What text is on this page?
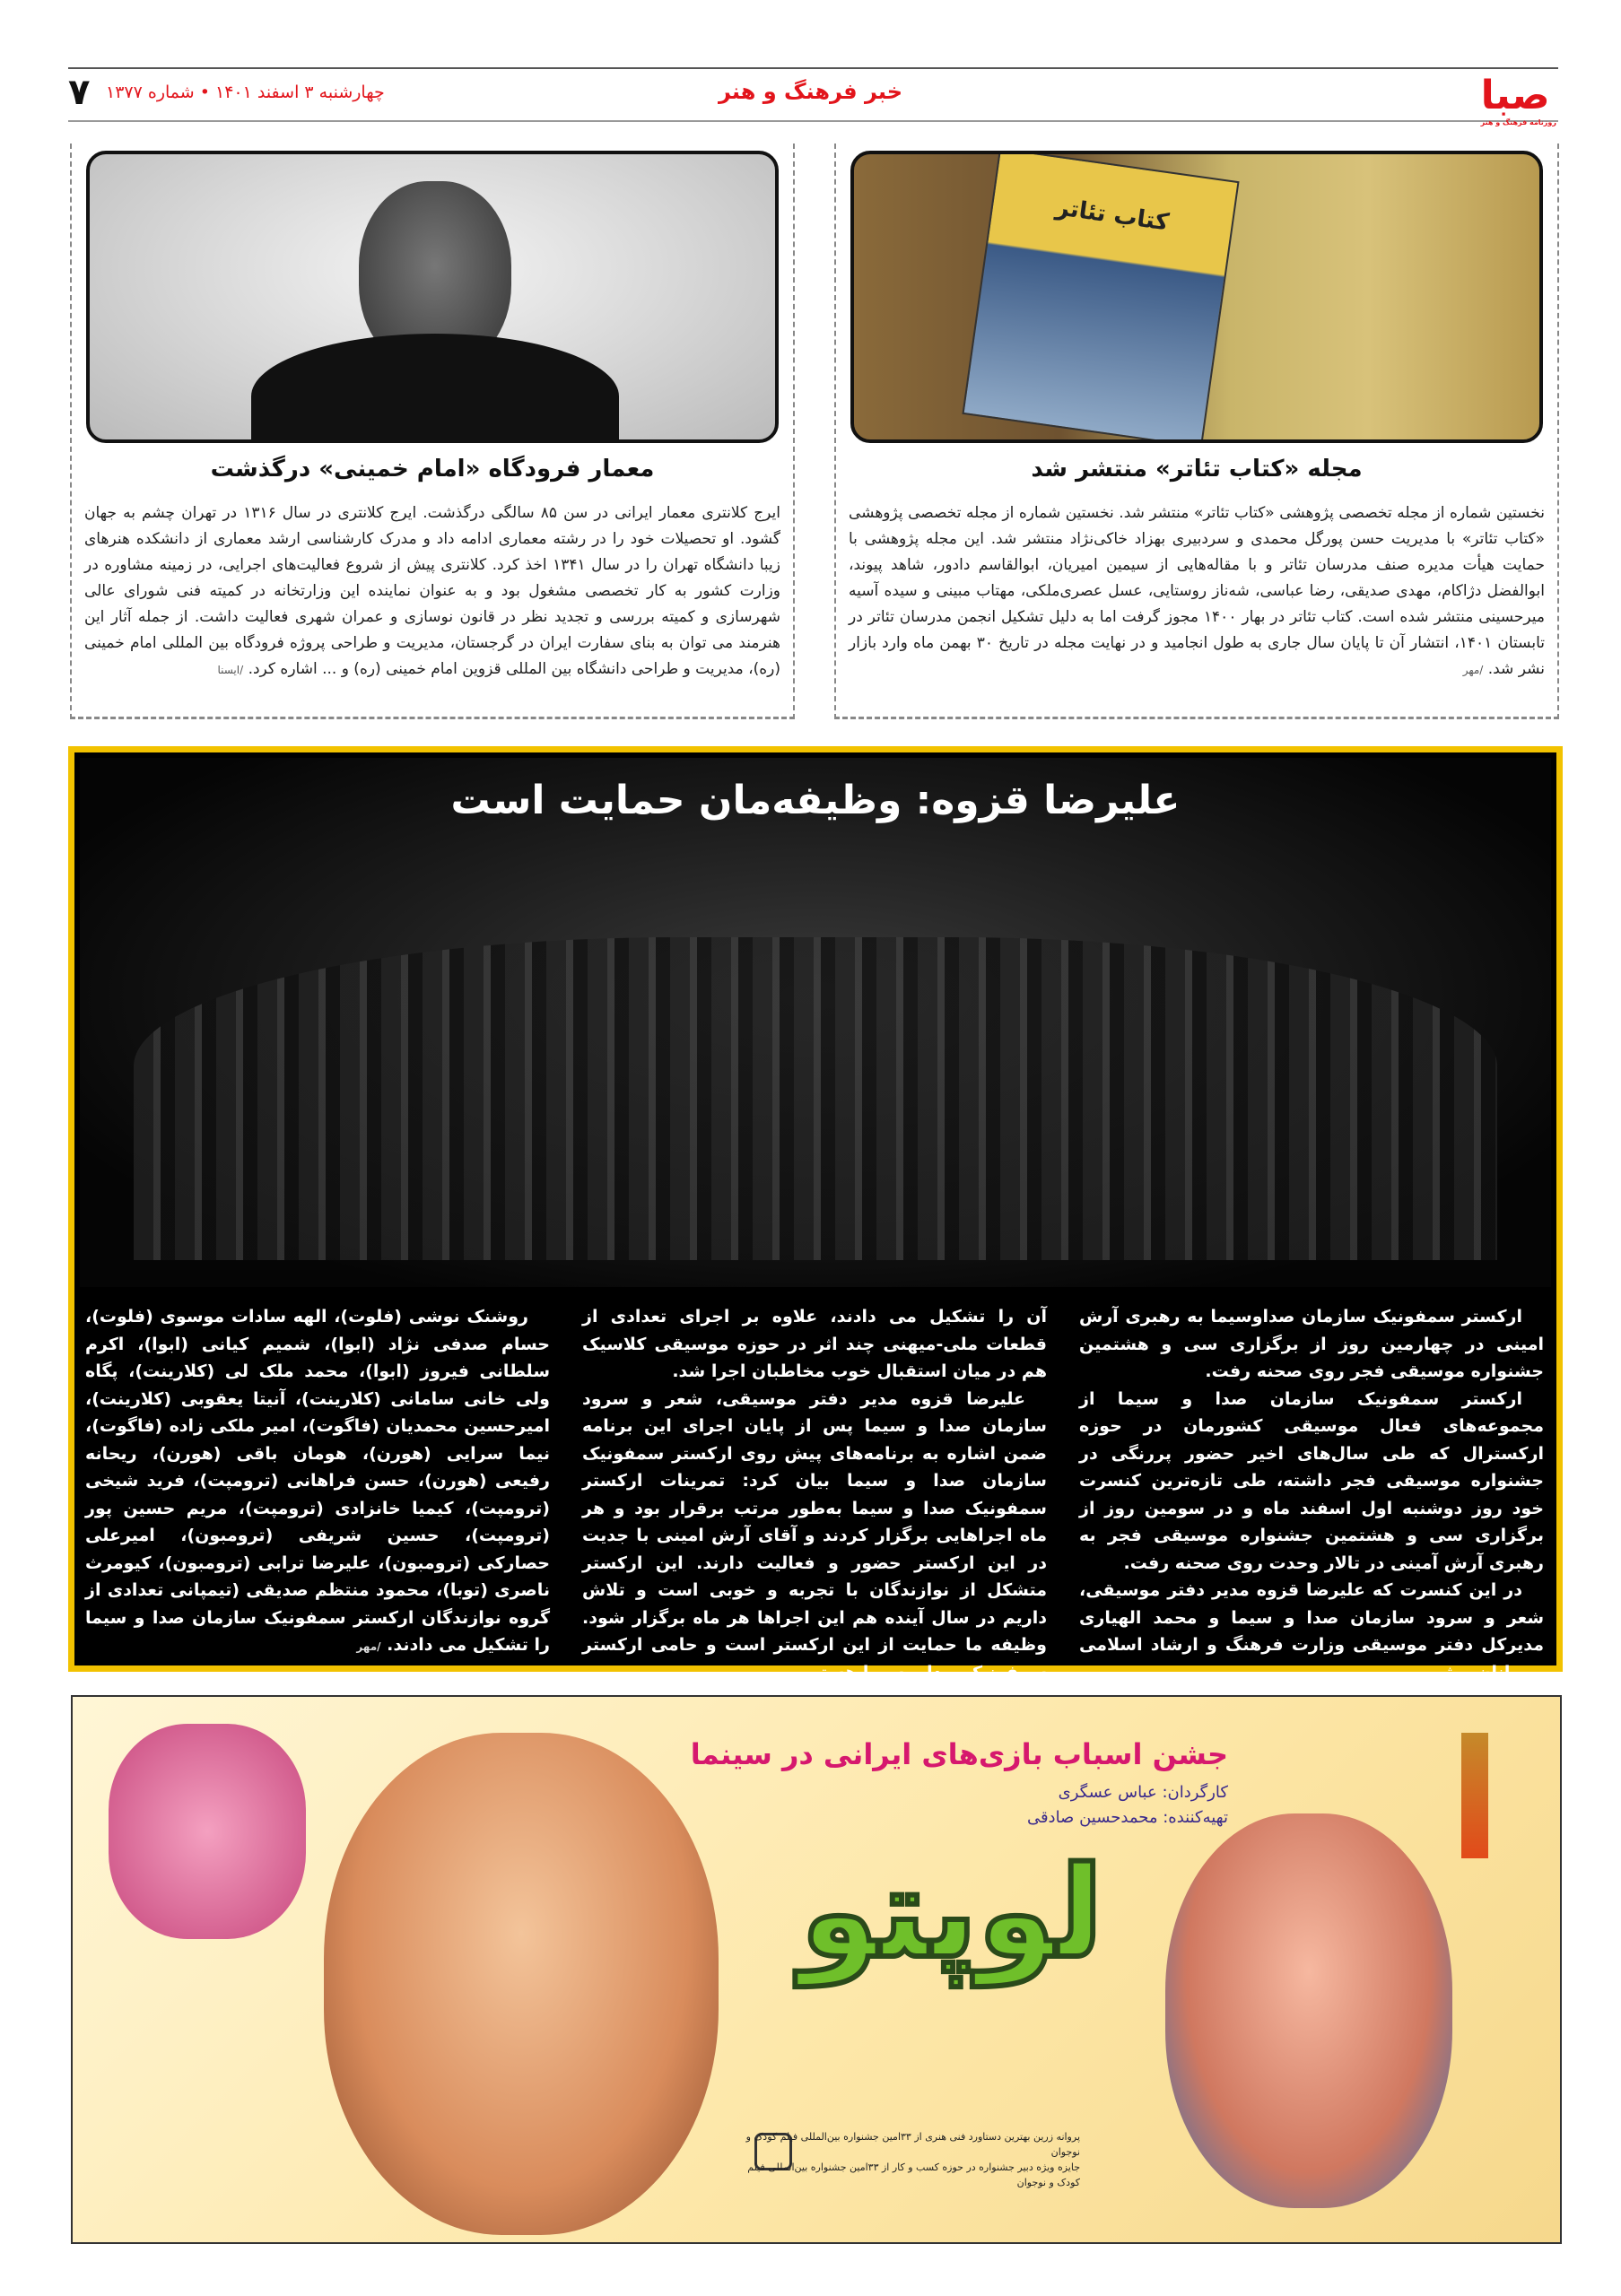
صبا
روزنامه فرهنگ و هنر
خبر فرهنگ و هنر
۷ چهارشنبه ۳ اسفند ۱۴۰۱ • شماره ۱۳۷۷
کتاب تئاتر
مجله «کتاب تئاتر» منتشر شد

نخستین شماره از مجله تخصصی پژوهشی «کتاب تئاتر» منتشر شد. نخستین شماره از مجله تخصصی پژوهشی «کتاب تئاتر» با مدیریت حسن پورگل محمدی و سردبیری بهزاد خاکی‌نژاد منتشر شد. این مجله پژوهشی با حمایت هیأت مدیره صنف مدرسان تئاتر و با مقاله‌هایی از سیمین امیریان، ابوالقاسم دادور، شاهد پیوند، ابوالفضل دژاکام، مهدی صدیقی، رضا عباسی، شه‌ناز روستایی، عسل عصری‌ملکی، مهتاب مبینی و سیده آسیه میرحسینی منتشر شده است. کتاب تئاتر در بهار ۱۴۰۰ مجوز گرفت اما به دلیل تشکیل انجمن مدرسان تئاتر در تابستان ۱۴۰۱، انتشار آن تا پایان سال جاری به طول انجامید و در نهایت مجله در تاریخ ۳۰ بهمن ماه وارد بازار نشر شد. /مهر

معمار فرودگاه «امام خمینی» درگذشت

ایرج کلانتری معمار ایرانی در سن ۸۵ سالگی درگذشت. ایرج کلانتری در سال ۱۳۱۶ در تهران چشم به جهان گشود. او تحصیلات خود را در رشته معماری ادامه داد و مدرک کارشناسی ارشد معماری از دانشکده هنرهای زیبا دانشگاه تهران را در سال ۱۳۴۱ اخذ کرد. کلانتری پیش از شروع فعالیت‌های اجرایی، در زمینه مشاوره در وزارت کشور به کار تخصصی مشغول بود و به عنوان نماینده این وزارتخانه در کمیته فنی شورای عالی شهرسازی و کمیته بررسی و تجدید نظر در قانون نوسازی و عمران شهری فعالیت داشت. از جمله آثار این هنرمند می توان به بنای سفارت ایران در گرجستان، مدیریت و طراحی پروژه فرودگاه بین المللی امام خمینی (ره)، مدیریت و طراحی دانشگاه بین المللی قزوین امام خمینی (ره) و ... اشاره کرد. /ایسنا

علیرضا قزوه: وظیفه‌مان حمایت است

ارکستر سمفونیک سازمان صداوسیما به رهبری آرش امینی در چهارمین روز از برگزاری سی و هشتمین جشنواره موسیقی فجر روی صحنه رفت.

ارکستر سمفونیک سازمان صدا و سیما از مجموعه‌های فعال موسیقی کشورمان در حوزه ارکسترال که طی سال‌های اخیر حضور پررنگی در جشنواره موسیقی فجر داشته، طی تازه‌ترین کنسرت خود روز دوشنبه اول اسفند ماه و در سومین روز از برگزاری سی و هشتمین جشنواره موسیقی فجر به رهبری آرش آمینی در تالار وحدت روی صحنه رفت.

در این کنسرت که علیرضا قزوه مدیر دفتر موسیقی، شعر و سرود سازمان صدا و سیما و محمد الهیاری مدیرکل دفتر موسیقی وزارت فرهنگ و ارشاد اسلامی مهمانان ویژه

آن را تشکیل می دادند، علاوه بر اجرای تعدادی از قطعات ملی-میهنی چند اثر در حوزه موسیقی کلاسیک هم در میان استقبال خوب مخاطبان اجرا شد.

علیرضا قزوه مدیر دفتر موسیقی، شعر و سرود سازمان صدا و سیما پس از پایان اجرای این برنامه ضمن اشاره به برنامه‌های پیش روی ارکستر سمفونیک سازمان صدا و سیما بیان کرد: تمرینات ارکستر سمفونیک صدا و سیما به‌طور مرتب برقرار بود و هر ماه اجراهایی برگزار کردند و آقای آرش امینی با جدیت در این ارکستر حضور و فعالیت دارند. این ارکستر متشکل از نوازندگان با تجربه و خوبی است و تلاش داریم در سال آینده هم این اجراها هر ماه برگزار شود. وظیفه ما حمایت از این ارکستر است و حامی ارکستر سمفونیک صدا و سیما هستیم.

روشنک نوشی (فلوت)، الهه سادات موسوی (فلوت)، حسام صدفی نژاد (ابوا)، شمیم کیانی (ابوا)، اکرم سلطانی فیروز (ابوا)، محمد ملک لی (کلارینت)، پگاه ولی خانی سامانی (کلارینت)، آنیتا یعقوبی (کلارینت)، امیرحسین محمدیان (فاگوت)، امیر ملکی زاده (فاگوت)، نیما سرایی (هورن)، هومان باقی (هورن)، ریحانه رفیعی (هورن)، حسن فراهانی (ترومپت)، فرید شیخی (ترومپت)، کیمیا خانزادی (ترومپت)، مریم حسین پور (ترومپت)، حسین شریفی (ترومبون)، امیرعلی حصارکی (ترومبون)، علیرضا ترابی (ترومبون)، کیومرث ناصری (توبا)، محمود منتظم صدیقی (تیمپانی تعدادی از گروه نوازندگان ارکستر سمفونیک سازمان صدا و سیما را تشکیل می دادند. /مهر

لوپتو
جشن اسباب بازی‌های ایرانی در سینما
کارگردان: عباس عسگری
تهیه‌کننده: محمدحسین صادقی
پروانه زرین بهترین دستاورد فنی هنری از ۳۳امین جشنواره بین‌المللی فیلم کودک و نوجوان
جایزه ویژه دبیر جشنواره در حوزه کسب و کار از ۳۳امین جشنواره بین‌المللی فیلم کودک و نوجوان
